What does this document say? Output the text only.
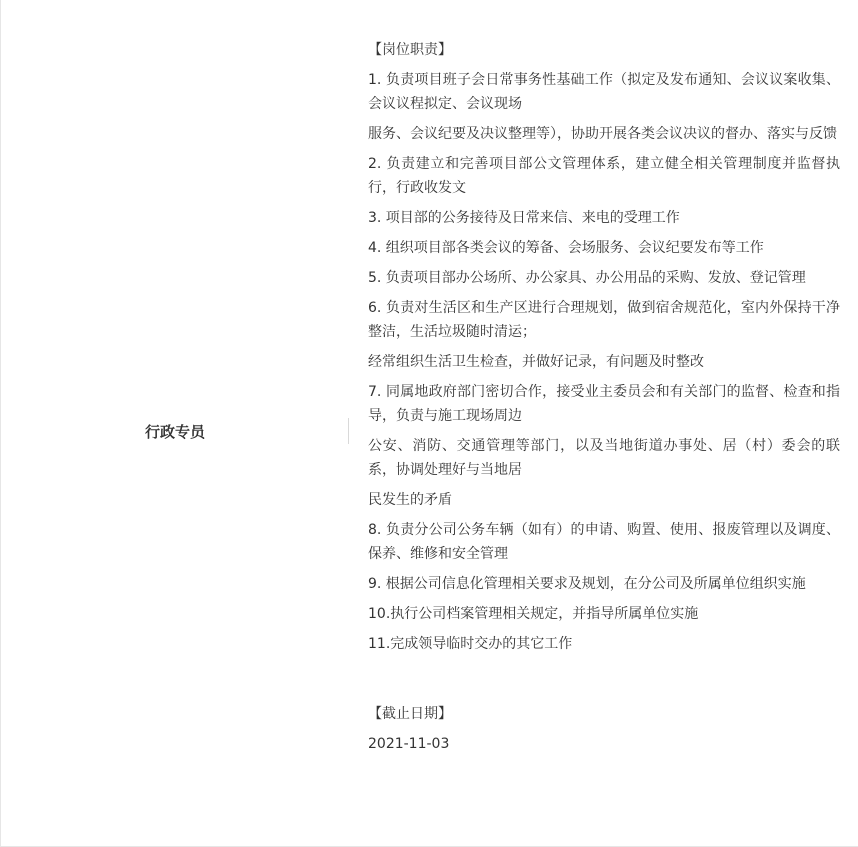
行政专员
【岗位职责】
1. 负责项目班子会日常事务性基础工作（拟定及发布通知、会议议案收集、会议议程拟定、会议现场
服务、会议纪要及决议整理等），协助开展各类会议决议的督办、落实与反馈
2. 负责建立和完善项目部公文管理体系，建立健全相关管理制度并监督执行，行政收发文
3. 项目部的公务接待及日常来信、来电的受理工作
4. 组织项目部各类会议的筹备、会场服务、会议纪要发布等工作
5. 负责项目部办公场所、办公家具、办公用品的采购、发放、登记管理
6. 负责对生活区和生产区进行合理规划，做到宿舍规范化，室内外保持干净整洁，生活垃圾随时清运；
经常组织生活卫生检查，并做好记录，有问题及时整改
7. 同属地政府部门密切合作，接受业主委员会和有关部门的监督、检查和指导，负责与施工现场周边
公安、消防、交通管理等部门，以及当地街道办事处、居（村）委会的联系，协调处理好与当地居
民发生的矛盾
8. 负责分公司公务车辆（如有）的申请、购置、使用、报废管理以及调度、保养、维修和安全管理
9. 根据公司信息化管理相关要求及规划，在分公司及所属单位组织实施
10.执行公司档案管理相关规定，并指导所属单位实施
11.完成领导临时交办的其它工作
【截止日期】
2021-11-03
